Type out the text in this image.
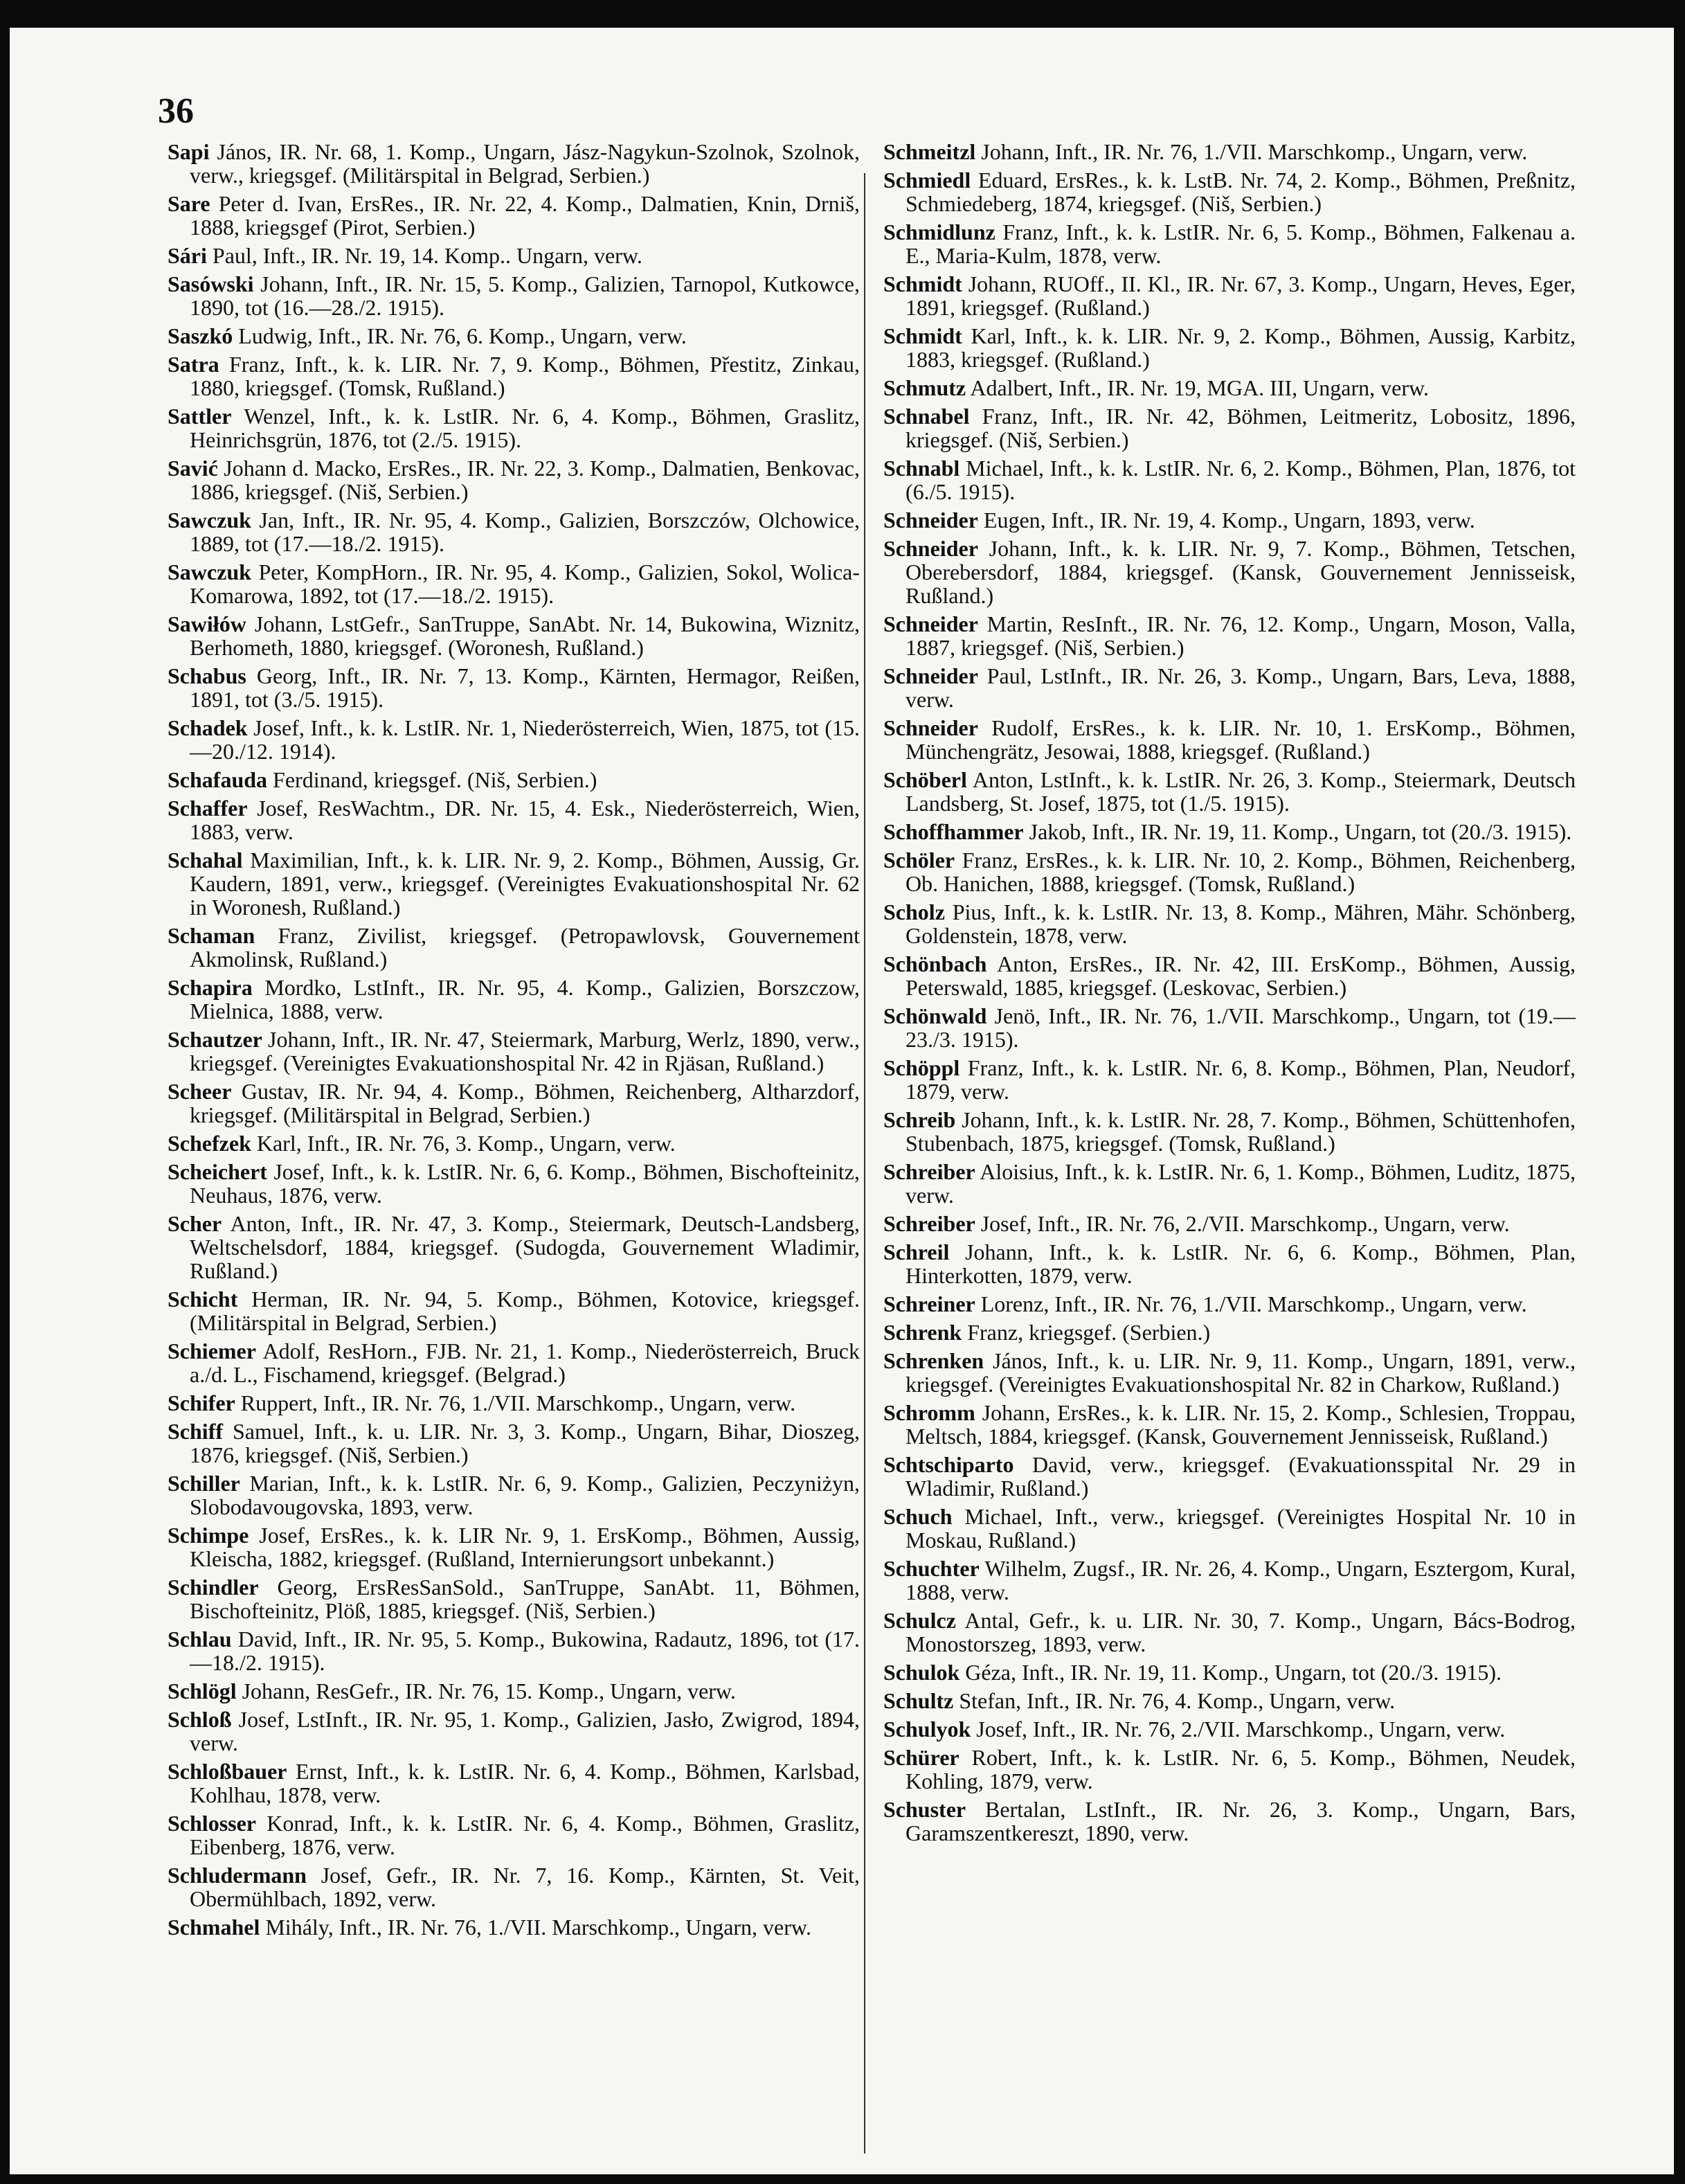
36

Sapi János, IR. Nr. 68, 1. Komp., Ungarn, Jász-Nagykun-Szolnok, Szolnok, verw., kriegsgef. (Militärspital in Belgrad, Serbien.)

Sare Peter d. Ivan, ErsRes., IR. Nr. 22, 4. Komp., Dalmatien, Knin, Drniš, 1888, kriegsgef (Pirot, Serbien.)

Sári Paul, Inft., IR. Nr. 19, 14. Komp.. Ungarn, verw.

Sasówski Johann, Inft., IR. Nr. 15, 5. Komp., Galizien, Tarnopol, Kutkowce, 1890, tot (16.—28./2. 1915).

Saszkó Ludwig, Inft., IR. Nr. 76, 6. Komp., Ungarn, verw.

Satra Franz, Inft., k. k. LIR. Nr. 7, 9. Komp., Böhmen, Přestitz, Zinkau, 1880, kriegsgef. (Tomsk, Rußland.)

Sattler Wenzel, Inft., k. k. LstIR. Nr. 6, 4. Komp., Böhmen, Graslitz, Heinrichsgrün, 1876, tot (2./5. 1915).

Savić Johann d. Macko, ErsRes., IR. Nr. 22, 3. Komp., Dalmatien, Benkovac, 1886, kriegsgef. (Niš, Serbien.)

Sawczuk Jan, Inft., IR. Nr. 95, 4. Komp., Galizien, Borszczów, Olchowice, 1889, tot (17.—18./2. 1915).

Sawczuk Peter, KompHorn., IR. Nr. 95, 4. Komp., Galizien, Sokol, Wolica-Komarowa, 1892, tot (17.—18./2. 1915).

Sawiłów Johann, LstGefr., SanTruppe, SanAbt. Nr. 14, Bukowina, Wiznitz, Berhometh, 1880, kriegsgef. (Woronesh, Rußland.)

Schabus Georg, Inft., IR. Nr. 7, 13. Komp., Kärnten, Hermagor, Reißen, 1891, tot (3./5. 1915).

Schadek Josef, Inft., k. k. LstIR. Nr. 1, Niederösterreich, Wien, 1875, tot (15.—20./12. 1914).

Schafauda Ferdinand, kriegsgef. (Niš, Serbien.)

Schaffer Josef, ResWachtm., DR. Nr. 15, 4. Esk., Niederösterreich, Wien, 1883, verw.

Schahal Maximilian, Inft., k. k. LIR. Nr. 9, 2. Komp., Böhmen, Aussig, Gr. Kaudern, 1891, verw., kriegsgef. (Vereinigtes Evakuationshospital Nr. 62 in Woronesh, Rußland.)

Schaman Franz, Zivilist, kriegsgef. (Petropawlovsk, Gouvernement Akmolinsk, Rußland.)

Schapira Mordko, LstInft., IR. Nr. 95, 4. Komp., Galizien, Borszczow, Mielnica, 1888, verw.

Schautzer Johann, Inft., IR. Nr. 47, Steiermark, Marburg, Werlz, 1890, verw., kriegsgef. (Vereinigtes Evakuationshospital Nr. 42 in Rjäsan, Rußland.)

Scheer Gustav, IR. Nr. 94, 4. Komp., Böhmen, Reichenberg, Altharzdorf, kriegsgef. (Militärspital in Belgrad, Serbien.)

Schefzek Karl, Inft., IR. Nr. 76, 3. Komp., Ungarn, verw.

Scheichert Josef, Inft., k. k. LstIR. Nr. 6, 6. Komp., Böhmen, Bischofteinitz, Neuhaus, 1876, verw.

Scher Anton, Inft., IR. Nr. 47, 3. Komp., Steiermark, Deutsch-Landsberg, Weltschelsdorf, 1884, kriegsgef. (Sudogda, Gouvernement Wladimir, Rußland.)

Schicht Herman, IR. Nr. 94, 5. Komp., Böhmen, Kotovice, kriegsgef. (Militärspital in Belgrad, Serbien.)

Schiemer Adolf, ResHorn., FJB. Nr. 21, 1. Komp., Niederösterreich, Bruck a./d. L., Fischamend, kriegsgef. (Belgrad.)

Schifer Ruppert, Inft., IR. Nr. 76, 1./VII. Marschkomp., Ungarn, verw.

Schiff Samuel, Inft., k. u. LIR. Nr. 3, 3. Komp., Ungarn, Bihar, Dioszeg, 1876, kriegsgef. (Niš, Serbien.)

Schiller Marian, Inft., k. k. LstIR. Nr. 6, 9. Komp., Galizien, Peczyniżyn, Slobodavougovska, 1893, verw.

Schimpe Josef, ErsRes., k. k. LIR Nr. 9, 1. ErsKomp., Böhmen, Aussig, Kleischa, 1882, kriegsgef. (Rußland, Internierungsort unbekannt.)

Schindler Georg, ErsResSanSold., SanTruppe, SanAbt. 11, Böhmen, Bischofteinitz, Plöß, 1885, kriegsgef. (Niš, Serbien.)

Schlau David, Inft., IR. Nr. 95, 5. Komp., Bukowina, Radautz, 1896, tot (17.—18./2. 1915).

Schlögl Johann, ResGefr., IR. Nr. 76, 15. Komp., Ungarn, verw.

Schloß Josef, LstInft., IR. Nr. 95, 1. Komp., Galizien, Jasło, Zwigrod, 1894, verw.

Schloßbauer Ernst, Inft., k. k. LstIR. Nr. 6, 4. Komp., Böhmen, Karlsbad, Kohlhau, 1878, verw.

Schlosser Konrad, Inft., k. k. LstIR. Nr. 6, 4. Komp., Böhmen, Graslitz, Eibenberg, 1876, verw.

Schludermann Josef, Gefr., IR. Nr. 7, 16. Komp., Kärnten, St. Veit, Obermühlbach, 1892, verw.

Schmahel Mihály, Inft., IR. Nr. 76, 1./VII. Marschkomp., Ungarn, verw.

Schmeitzl Johann, Inft., IR. Nr. 76, 1./VII. Marschkomp., Ungarn, verw.

Schmiedl Eduard, ErsRes., k. k. LstB. Nr. 74, 2. Komp., Böhmen, Preßnitz, Schmiedeberg, 1874, kriegsgef. (Niš, Serbien.)

Schmidlunz Franz, Inft., k. k. LstIR. Nr. 6, 5. Komp., Böhmen, Falkenau a. E., Maria-Kulm, 1878, verw.

Schmidt Johann, RUOff., II. Kl., IR. Nr. 67, 3. Komp., Ungarn, Heves, Eger, 1891, kriegsgef. (Rußland.)

Schmidt Karl, Inft., k. k. LIR. Nr. 9, 2. Komp., Böhmen, Aussig, Karbitz, 1883, kriegsgef. (Rußland.)

Schmutz Adalbert, Inft., IR. Nr. 19, MGA. III, Ungarn, verw.

Schnabel Franz, Inft., IR. Nr. 42, Böhmen, Leitmeritz, Lobositz, 1896, kriegsgef. (Niš, Serbien.)

Schnabl Michael, Inft., k. k. LstIR. Nr. 6, 2. Komp., Böhmen, Plan, 1876, tot (6./5. 1915).

Schneider Eugen, Inft., IR. Nr. 19, 4. Komp., Ungarn, 1893, verw.

Schneider Johann, Inft., k. k. LIR. Nr. 9, 7. Komp., Böhmen, Tetschen, Oberebersdorf, 1884, kriegsgef. (Kansk, Gouvernement Jennisseisk, Rußland.)

Schneider Martin, ResInft., IR. Nr. 76, 12. Komp., Ungarn, Moson, Valla, 1887, kriegsgef. (Niš, Serbien.)

Schneider Paul, LstInft., IR. Nr. 26, 3. Komp., Ungarn, Bars, Leva, 1888, verw.

Schneider Rudolf, ErsRes., k. k. LIR. Nr. 10, 1. ErsKomp., Böhmen, Münchengrätz, Jesowai, 1888, kriegsgef. (Rußland.)

Schöberl Anton, LstInft., k. k. LstIR. Nr. 26, 3. Komp., Steiermark, Deutsch Landsberg, St. Josef, 1875, tot (1./5. 1915).

Schoffhammer Jakob, Inft., IR. Nr. 19, 11. Komp., Ungarn, tot (20./3. 1915).

Schöler Franz, ErsRes., k. k. LIR. Nr. 10, 2. Komp., Böhmen, Reichenberg, Ob. Hanichen, 1888, kriegsgef. (Tomsk, Rußland.)

Scholz Pius, Inft., k. k. LstIR. Nr. 13, 8. Komp., Mähren, Mähr. Schönberg, Goldenstein, 1878, verw.

Schönbach Anton, ErsRes., IR. Nr. 42, III. ErsKomp., Böhmen, Aussig, Peterswald, 1885, kriegsgef. (Leskovac, Serbien.)

Schönwald Jenö, Inft., IR. Nr. 76, 1./VII. Marschkomp., Ungarn, tot (19.—23./3. 1915).

Schöppl Franz, Inft., k. k. LstIR. Nr. 6, 8. Komp., Böhmen, Plan, Neudorf, 1879, verw.

Schreib Johann, Inft., k. k. LstIR. Nr. 28, 7. Komp., Böhmen, Schüttenhofen, Stubenbach, 1875, kriegsgef. (Tomsk, Rußland.)

Schreiber Aloisius, Inft., k. k. LstIR. Nr. 6, 1. Komp., Böhmen, Luditz, 1875, verw.

Schreiber Josef, Inft., IR. Nr. 76, 2./VII. Marschkomp., Ungarn, verw.

Schreil Johann, Inft., k. k. LstIR. Nr. 6, 6. Komp., Böhmen, Plan, Hinterkotten, 1879, verw.

Schreiner Lorenz, Inft., IR. Nr. 76, 1./VII. Marschkomp., Ungarn, verw.

Schrenk Franz, kriegsgef. (Serbien.)

Schrenken János, Inft., k. u. LIR. Nr. 9, 11. Komp., Ungarn, 1891, verw., kriegsgef. (Vereinigtes Evakuationshospital Nr. 82 in Charkow, Rußland.)

Schromm Johann, ErsRes., k. k. LIR. Nr. 15, 2. Komp., Schlesien, Troppau, Meltsch, 1884, kriegsgef. (Kansk, Gouvernement Jennisseisk, Rußland.)

Schtschiparto David, verw., kriegsgef. (Evakuationsspital Nr. 29 in Wladimir, Rußland.)

Schuch Michael, Inft., verw., kriegsgef. (Vereinigtes Hospital Nr. 10 in Moskau, Rußland.)

Schuchter Wilhelm, Zugsf., IR. Nr. 26, 4. Komp., Ungarn, Esztergom, Kural, 1888, verw.

Schulcz Antal, Gefr., k. u. LIR. Nr. 30, 7. Komp., Ungarn, Bács-Bodrog, Monostorszeg, 1893, verw.

Schulok Géza, Inft., IR. Nr. 19, 11. Komp., Ungarn, tot (20./3. 1915).

Schultz Stefan, Inft., IR. Nr. 76, 4. Komp., Ungarn, verw.

Schulyok Josef, Inft., IR. Nr. 76, 2./VII. Marschkomp., Ungarn, verw.

Schürer Robert, Inft., k. k. LstIR. Nr. 6, 5. Komp., Böhmen, Neudek, Kohling, 1879, verw.

Schuster Bertalan, LstInft., IR. Nr. 26, 3. Komp., Ungarn, Bars, Garamszentkereszt, 1890, verw.
